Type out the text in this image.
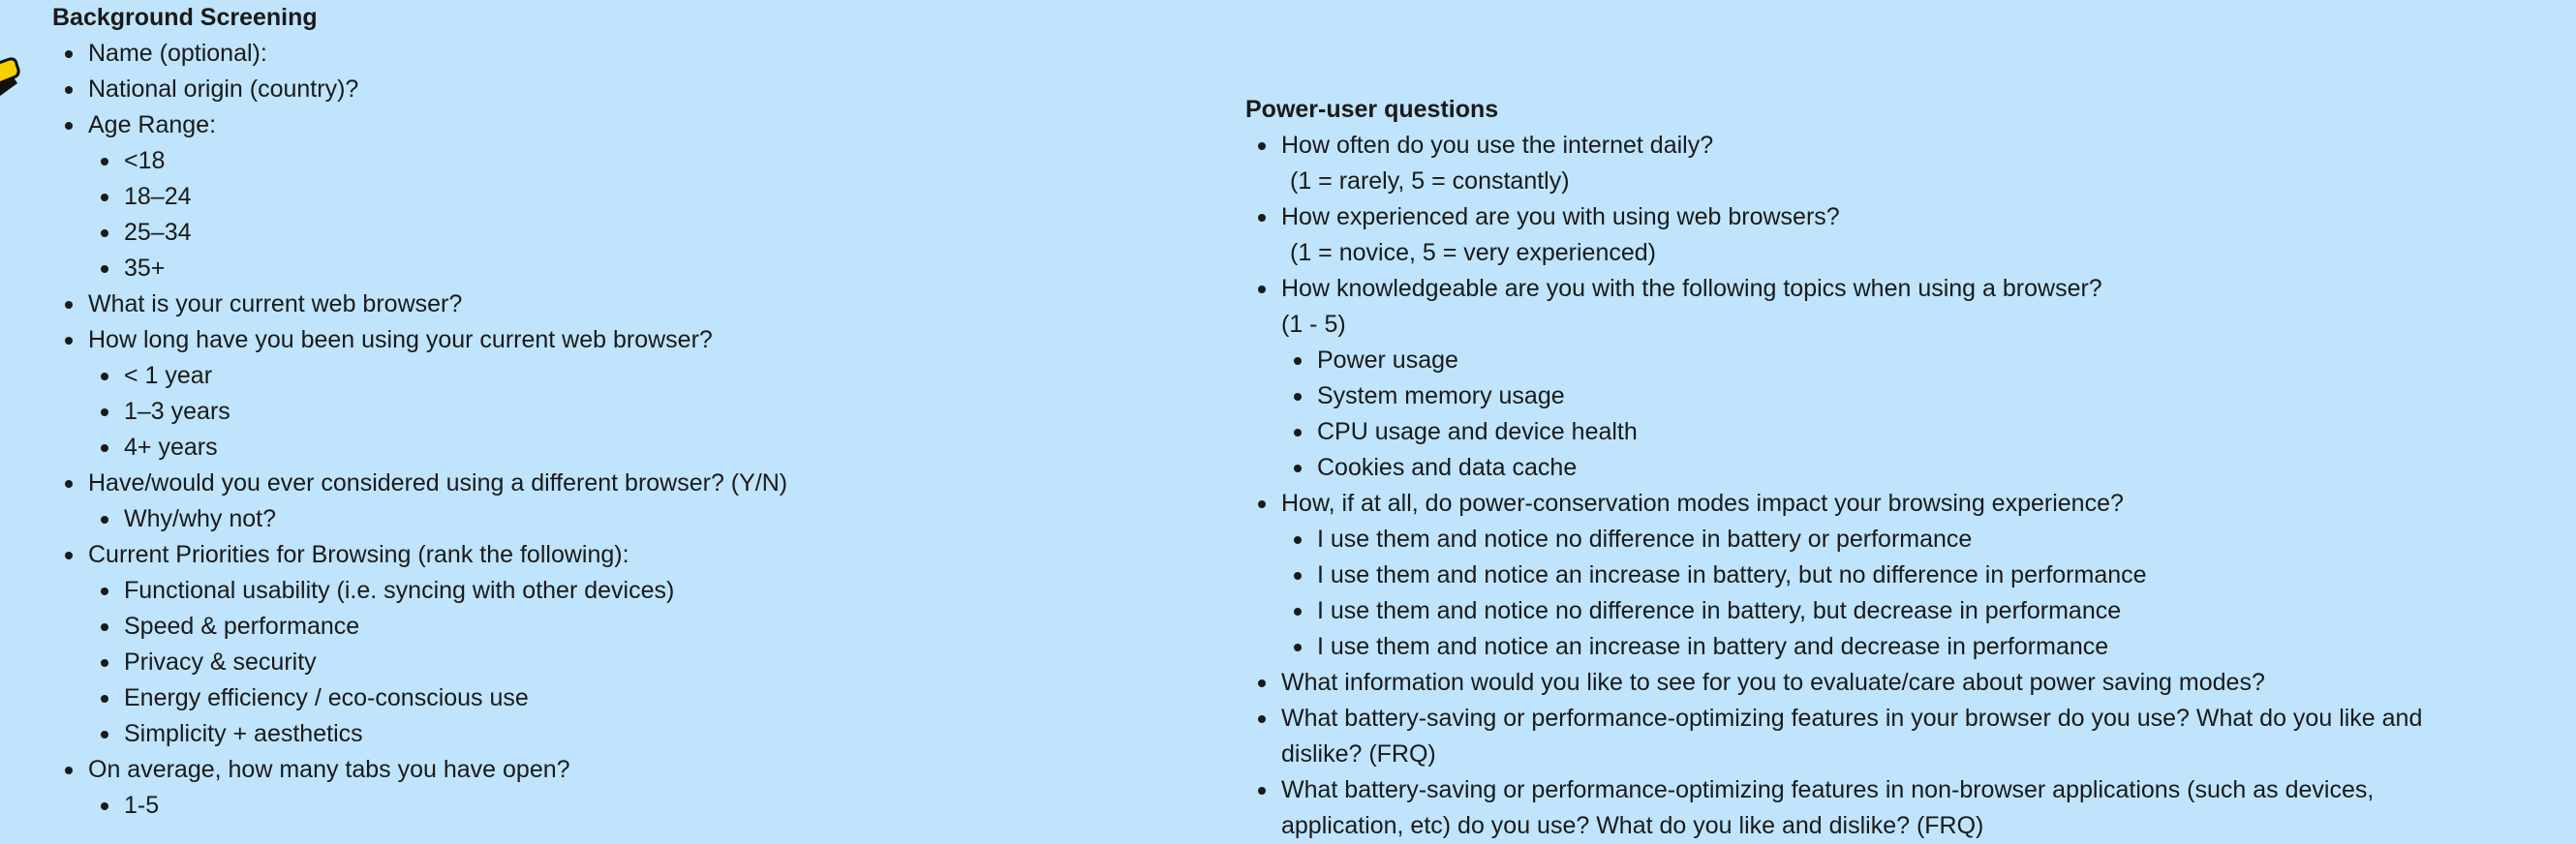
Background Screening
Name (optional):
National origin (country)?
Age Range:
<18
18–24
25–34
35+
What is your current web browser?
How long have you been using your current web browser?
< 1 year
1–3 years
4+ years
Have/would you ever considered using a different browser? (Y/N)
Why/why not?
Current Priorities for Browsing (rank the following):
Functional usability (i.e. syncing with other devices)
Speed & performance
Privacy & security
Energy efficiency / eco-conscious use
Simplicity + aesthetics
On average, how many tabs you have open?
1-5
Power-user questions
How often do you use the internet daily?
(1 = rarely, 5 = constantly)
How experienced are you with using web browsers?
(1 = novice, 5 = very experienced)
How knowledgeable are you with the following topics when using a browser?
(1 - 5)
Power usage
System memory usage
CPU usage and device health
Cookies and data cache
How, if at all, do power-conservation modes impact your browsing experience?
I use them and notice no difference in battery or performance
I use them and notice an increase in battery, but no difference in performance
I use them and notice no difference in battery, but decrease in performance
I use them and notice an increase in battery and decrease in performance
What information would you like to see for you to evaluate/care about power saving modes?
What battery-saving or performance-optimizing features in your browser do you use? What do you like and
dislike? (FRQ)
What battery-saving or performance-optimizing features in non-browser applications (such as devices,
application, etc) do you use? What do you like and dislike? (FRQ)
